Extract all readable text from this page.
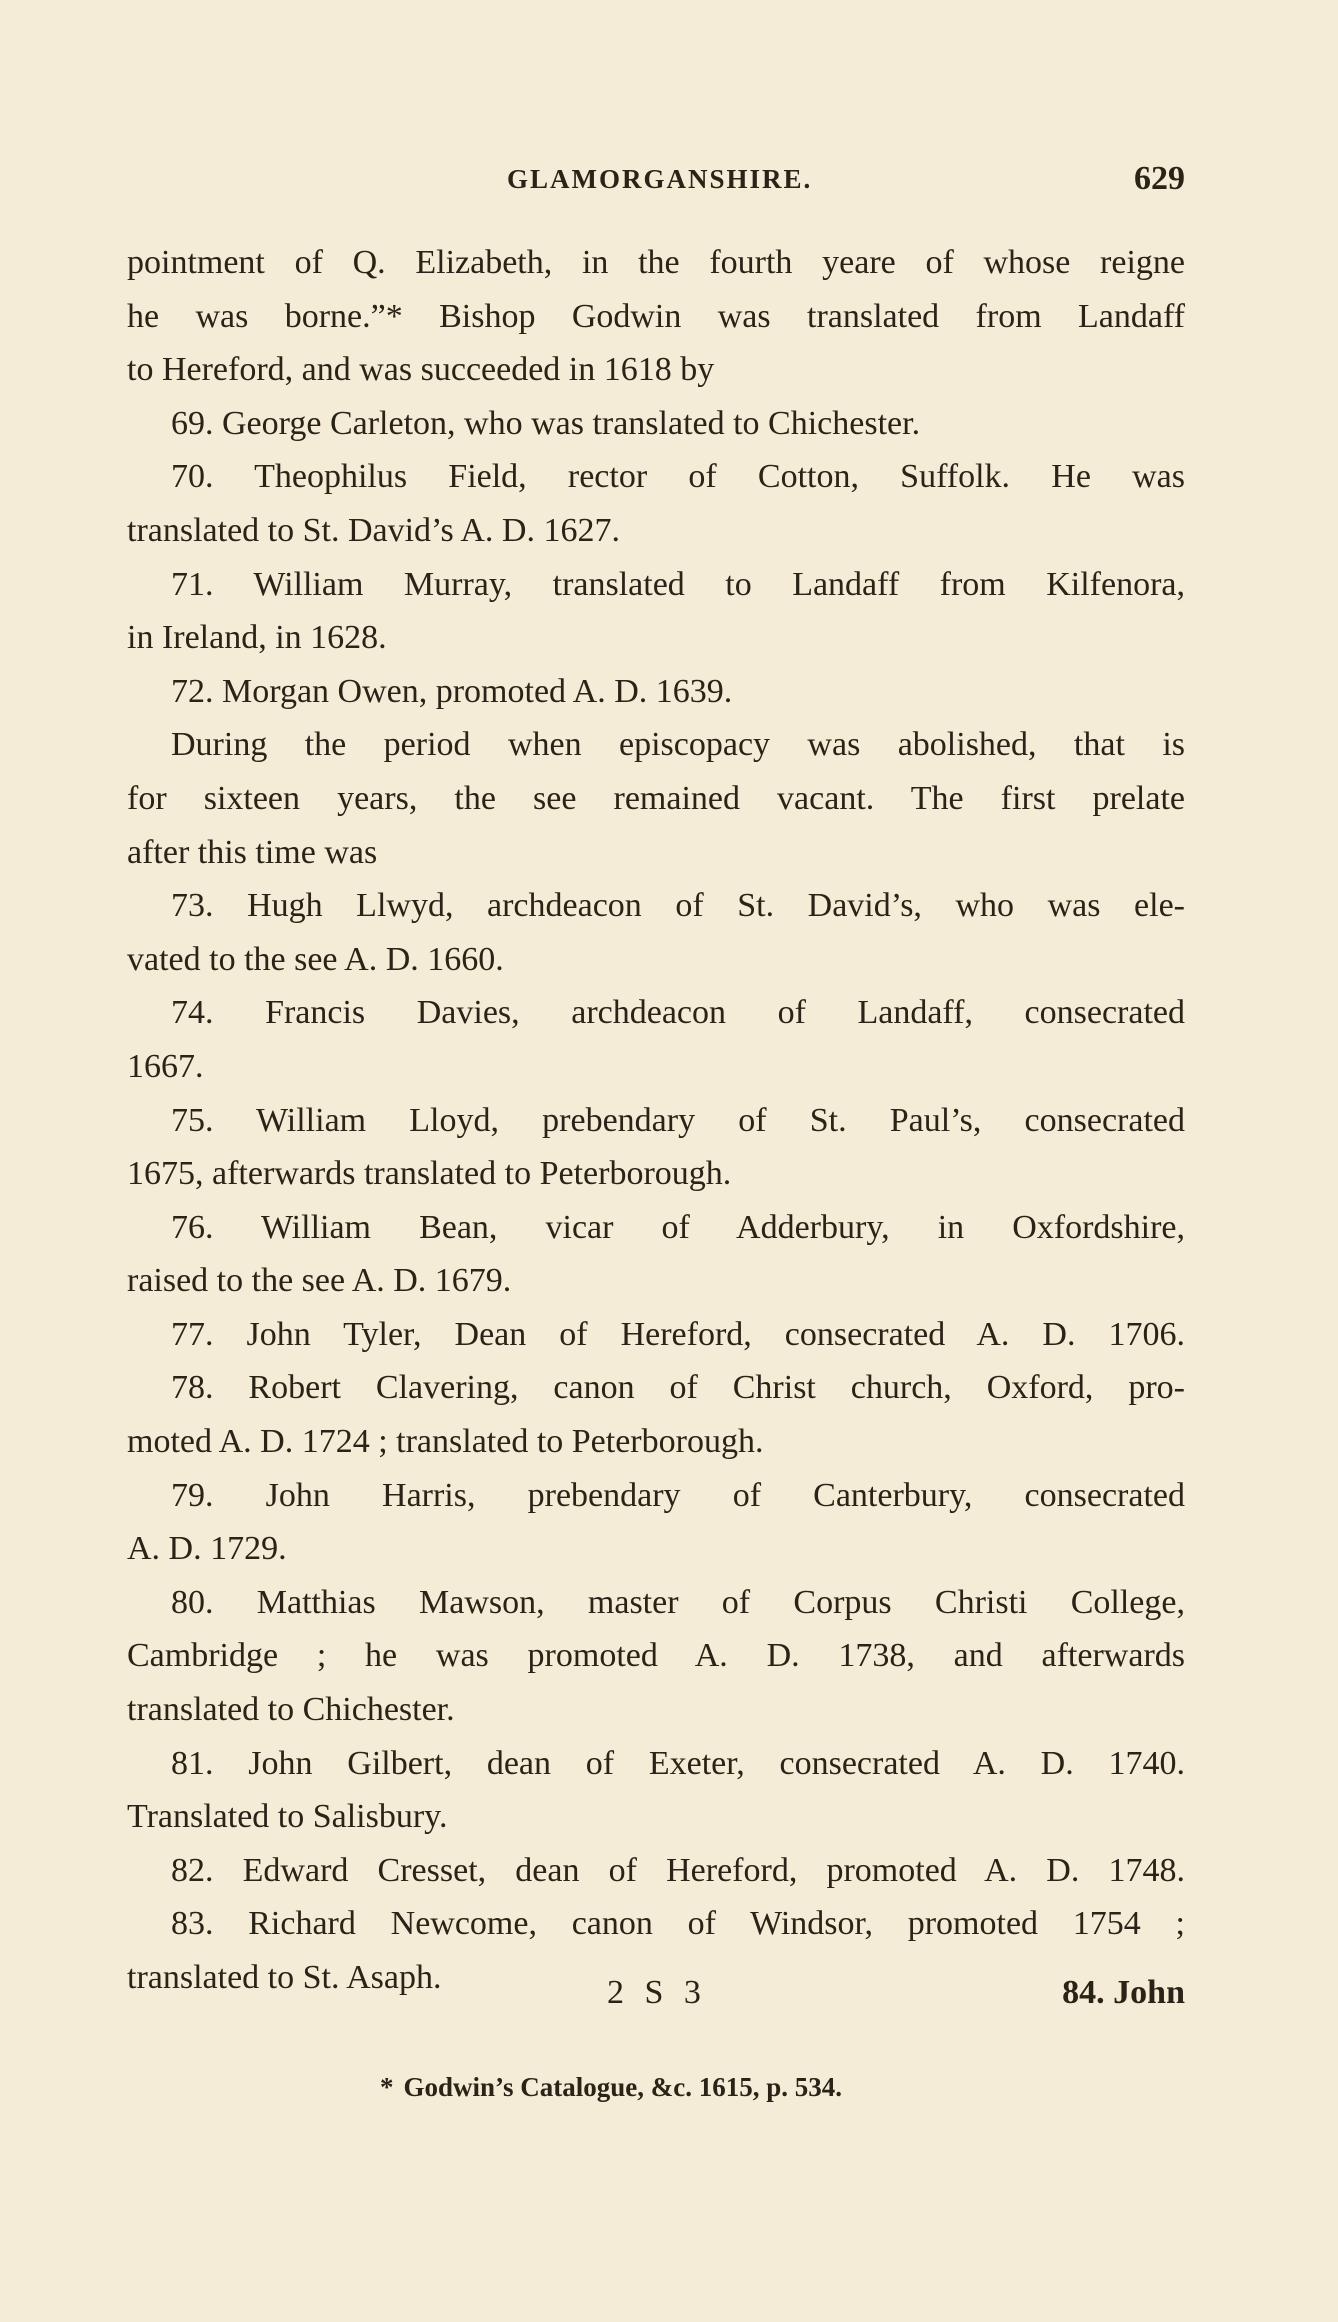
GLAMORGANSHIRE.	629
pointment of Q. Elizabeth, in the fourth yeare of whose reigne
he was borne.”* Bishop Godwin was translated from Landaff
to Hereford, and was succeeded in 1618 by
69. George Carleton, who was translated to Chichester.
70. Theophilus Field, rector of Cotton, Suffolk. He was
translated to St. David’s A. D. 1627.
71. William Murray, translated to Landaff from Kilfenora,
in Ireland, in 1628.
72. Morgan Owen, promoted A. D. 1639.
During the period when episcopacy was abolished, that is
for sixteen years, the see remained vacant. The first prelate
after this time was
73. Hugh Llwyd, archdeacon of St. David’s, who was ele-
vated to the see A. D. 1660.
74. Francis Davies, archdeacon of Landaff, consecrated
1667.
75. William Lloyd, prebendary of St. Paul’s, consecrated
1675, afterwards translated to Peterborough.
76. William Bean, vicar of Adderbury, in Oxfordshire,
raised to the see A. D. 1679.
77. John Tyler, Dean of Hereford, consecrated A. D. 1706.
78. Robert Clavering, canon of Christ church, Oxford, pro-
moted A. D. 1724 ; translated to Peterborough.
79. John Harris, prebendary of Canterbury, consecrated
A. D. 1729.
80. Matthias Mawson, master of Corpus Christi College,
Cambridge ; he was promoted A. D. 1738, and afterwards
translated to Chichester.
81. John Gilbert, dean of Exeter, consecrated A. D. 1740.
Translated to Salisbury.
82. Edward Cresset, dean of Hereford, promoted A. D. 1748.
83. Richard Newcome, canon of Windsor, promoted 1754 ;
translated to St. Asaph.	2 S 3	84. John
* Godwin’s Catalogue, &c. 1615, p. 534.
